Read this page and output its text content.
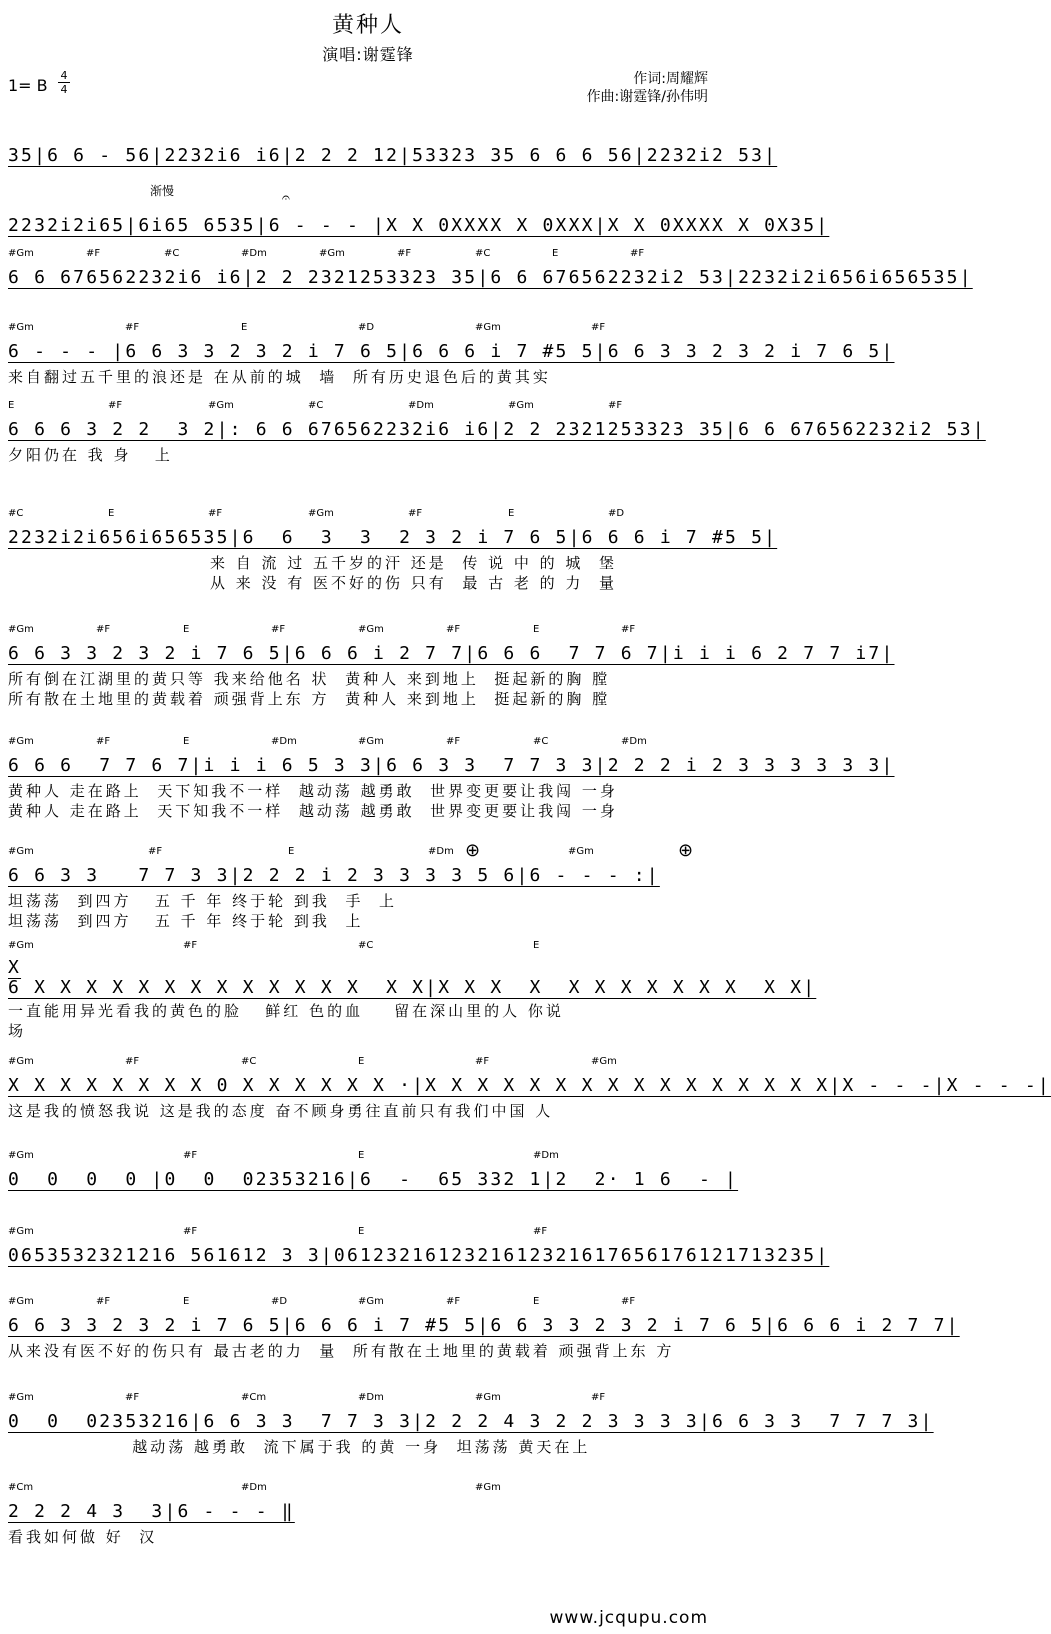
黄种人
演唱:谢霆锋
1= B
4
4
作词:周耀辉
作曲:谢霆锋/孙伟明
渐慢	𝄐
⊕	⊕
35|6 6 ‐ 56|2232i6 i6|2 2 2 12|53323 35 6 6 6 56|2232i2 53|
2232i2i65|6i65 6535|6 ‐ ‐ ‐ |X X 0XXXX X 0XXX|X X 0XXXX X 0X35|
#Gm	#F	#C	#Dm	#Gm	#F	#C	E	#F
6 6 676562232i6 i6|2 2 2321253323 35|6 6 676562232i2 53|2232i2i656i656535|
#Gm	#F	E	#D	#Gm	#F
6 ‐ ‐ ‐ |6 6 3 3 2 3 2 i 7 6 5|6 6 6 i 7 #5 5|6 6 3 3 2 3 2 i 7 6 5|
来自翻过五千里的浪还是 在从前的城  墙  所有历史退色后的黄其实
E	#F	#Gm	#C	#Dm	#Gm	#F
6 6 6 3 2 2  3 2|: 6 6 676562232i6 i6|2 2 2321253323 35|6 6 676562232i2 53|
夕阳仍在 我 身   上
#C	E	#F	#Gm	#F	E	#D
2232i2i656i656535|6  6  3  3  2 3 2 i 7 6 5|6 6 6 i 7 #5 5|
来 自 流 过 五千岁的汗 还是  传 说 中 的 城  堡
从 来 没 有 医不好的伤 只有  最 古 老 的 力  量
#Gm	#F	E	#F	#Gm	#F	E	#F
6 6 3 3 2 3 2 i 7 6 5|6 6 6 i 2 7 7|6 6 6  7 7 6 7|i i i 6 2 7 7 i7|
所有倒在江湖里的黄只等 我来给他名 状  黄种人 来到地上  挺起新的胸 膛
所有散在土地里的黄载着 顽强背上东 方  黄种人 来到地上  挺起新的胸 膛
#Gm	#F	E	#Dm	#Gm	#F	#C	#Dm
6 6 6  7 7 6 7|i i i 6 5 3 3|6 6 3 3  7 7 3 3|2 2 2 i 2 3 3 3 3 3 3|
黄种人 走在路上  天下知我不一样  越动荡 越勇敢  世界变更要让我闯 一身
黄种人 走在路上  天下知我不一样  越动荡 越勇敢  世界变更要让我闯 一身
#Gm	#F	E	#Dm	#Gm
6 6 3 3   7 7 3 3|2 2 2 i 2 3 3 3 3 5 6|6 ‐ ‐ ‐ :|
坦荡荡  到四方   五 千 年 终于轮 到我  手  上
坦荡荡  到四方   五 千 年 终于轮 到我  上
#Gm	#F	#C	E
X
6 X X X X X X X X X X X X X  X X|X X X  X  X X X X X X X  X X|
一直能用异光看我的黄色的脸   鲜红 色的血    留在深山里的人 你说
场
#Gm	#F	#C	E	#F	#Gm
X X X X X X X X 0 X X X X X X ·|X X X X X X X X X X X X X X X X|X ‐ ‐ ‐|X ‐ ‐ ‐|
这是我的愤怒我说 这是我的态度 奋不顾身勇往直前只有我们中国 人
#Gm	#F	E	#Dm
0  0  0  0 |0  0  02353216|6  ‐  65 332 1|2  2· 1 6  ‐ |
#Gm	#F	E	#F
0653532321216 561612 3 3|0612321612321612321617656176121713235|
#Gm	#F	E	#D	#Gm	#F	E	#F
6 6 3 3 2 3 2 i 7 6 5|6 6 6 i 7 #5 5|6 6 3 3 2 3 2 i 7 6 5|6 6 6 i 2 7 7|
从来没有医不好的伤只有 最古老的力  量  所有散在土地里的黄载着 顽强背上东 方
#Gm	#F	#Cm	#Dm	#Gm	#F
0  0  02353216|6 6 3 3  7 7 3 3|2 2 2 4 3 2 2 3 3 3 3|6 6 3 3  7 7 7 3|
越动荡 越勇敢  流下属于我 的黄 一身  坦荡荡 黄天在上
#Cm	#Dm	#Gm
2 2 2 4 3  3|6 ‐ ‐ ‐ ‖
看我如何做 好  汉
www.jcqupu.com
